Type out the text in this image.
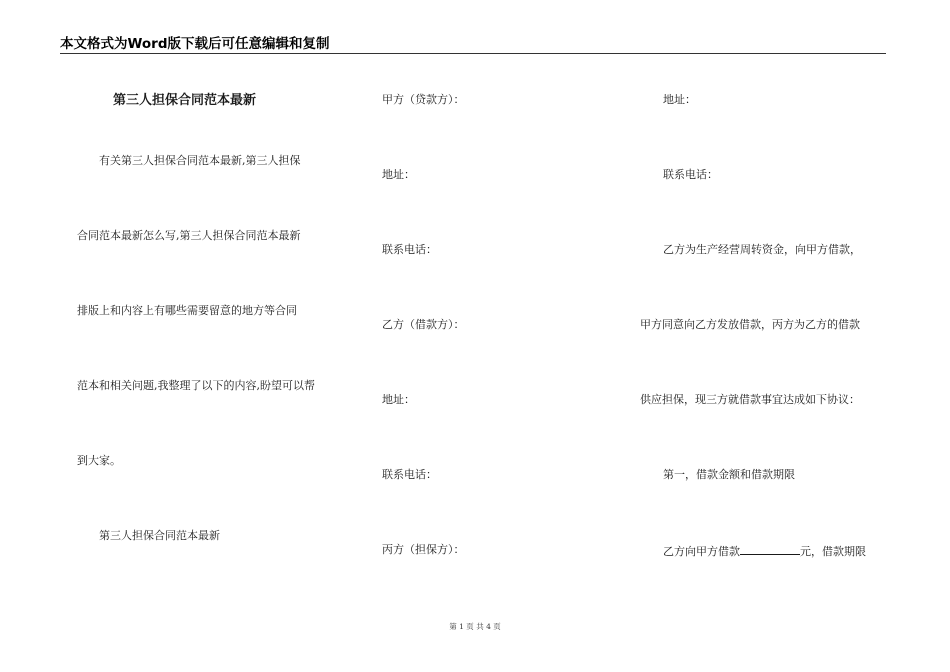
本文格式为Word版下载后可任意编辑和复制
第三人担保合同范本最新
有关第三人担保合同范本最新,第三人担保
合同范本最新怎么写,第三人担保合同范本最新
排版上和内容上有哪些需要留意的地方等合同
范本和相关问题,我整理了以下的内容,盼望可以帮
到大家。
第三人担保合同范本最新
甲方（贷款方）：
地址：
联系电话：
乙方（借款方）：
地址：
联系电话：
丙方（担保方）：
地址：
联系电话：
乙方为生产经营周转资金，向甲方借款，
甲方同意向乙方发放借款，丙方为乙方的借款
供应担保，现三方就借款事宜达成如下协议：
第一，借款金额和借款期限
乙方向甲方借款	元，借款期限
第 1 页 共 4 页
